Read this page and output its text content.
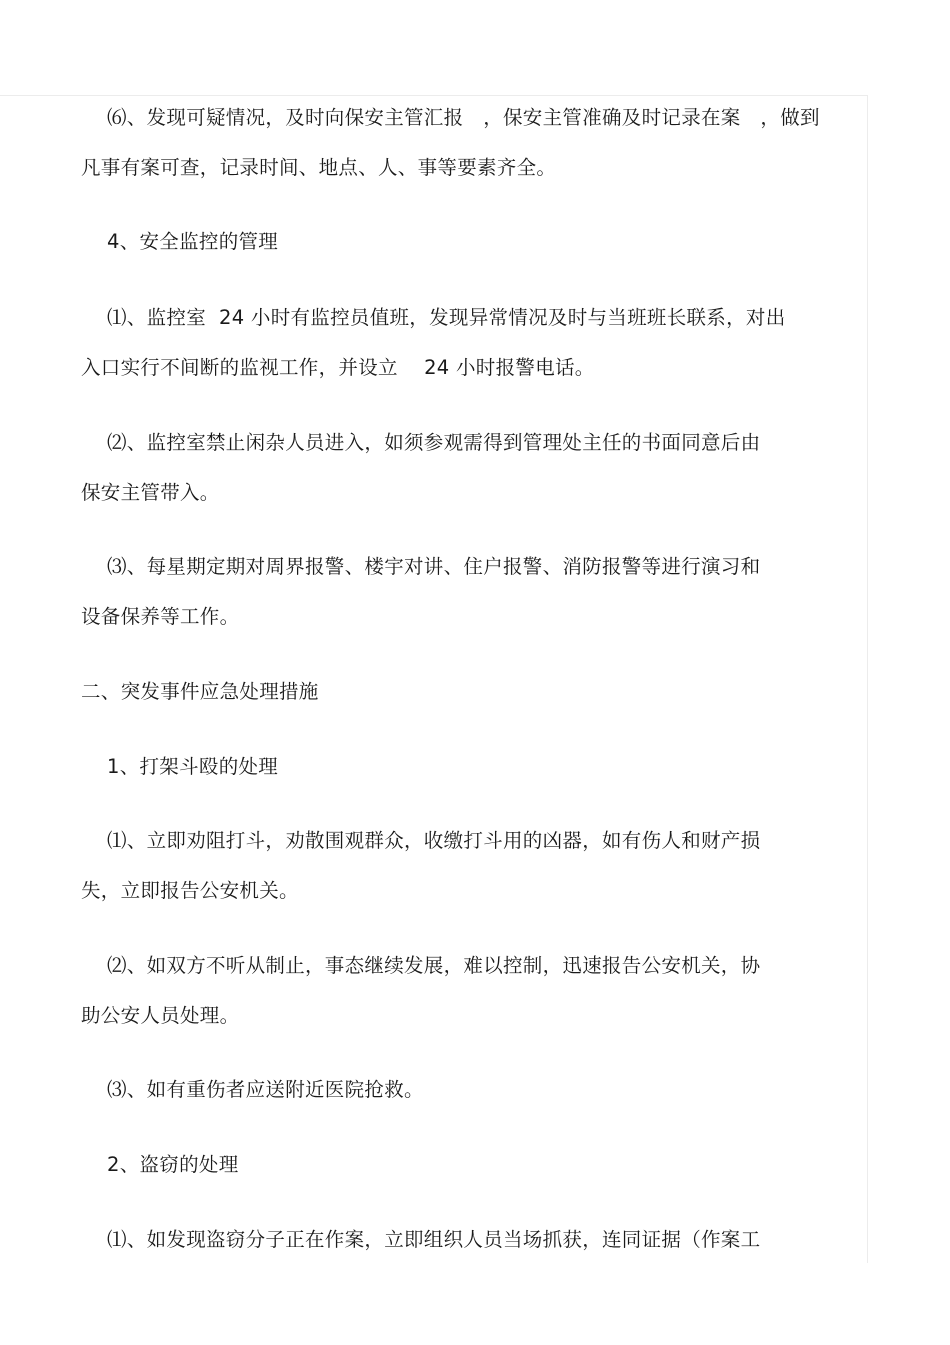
⑹、发现可疑情况，及时向保安主管汇报　，保安主管准确及时记录在案　，做到
凡事有案可查，记录时间、地点、人、事等要素齐全。
4、安全监控的管理
⑴、监控室  24 小时有监控员值班，发现异常情况及时与当班班长联系，对出
入口实行不间断的监视工作，并设立　 24 小时报警电话。
⑵、监控室禁止闲杂人员进入，如须参观需得到管理处主任的书面同意后由
保安主管带入。
⑶、每星期定期对周界报警、楼宇对讲、住户报警、消防报警等进行演习和
设备保养等工作。
二、突发事件应急处理措施
1、打架斗殴的处理
⑴、立即劝阻打斗，劝散围观群众，收缴打斗用的凶器，如有伤人和财产损
失，立即报告公安机关。
⑵、如双方不听从制止，事态继续发展，难以控制，迅速报告公安机关，协
助公安人员处理。
⑶、如有重伤者应送附近医院抢救。
2、盗窃的处理
⑴、如发现盗窃分子正在作案，立即组织人员当场抓获，连同证据（作案工
